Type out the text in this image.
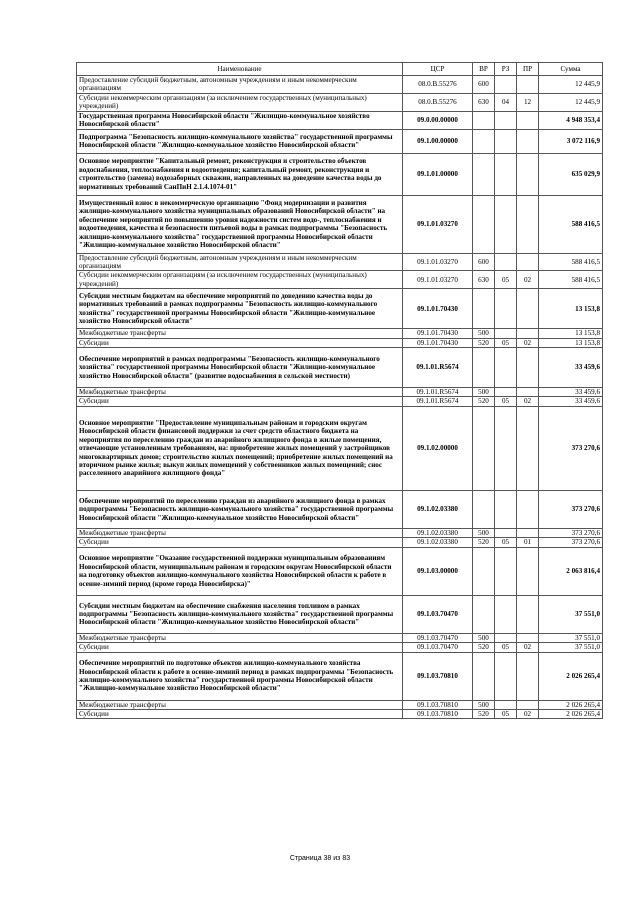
Наименование	ЦСР	ВР	РЗ	ПР	Сумма
Предоставление субсидий бюджетным, автономным учреждениям и иным некоммерческим организациям	08.0.В.55276	600			12 445,9
Субсидии некоммерческим организациям (за исключением государственных (муниципальных) учреждений)	08.0.В.55276	630	04	12	12 445,9
Государственная программа Новосибирской области "Жилищно-коммунальное хозяйство Новосибирской области"	09.0.00.00000				4 948 353,4
Подпрограмма "Безопасность жилищно-коммунального хозяйства" государственной программы Новосибирской области "Жилищно-коммунальное хозяйство Новосибирской области"	09.1.00.00000				3 072 116,9
Основное мероприятие "Капитальный ремонт, реконструкция и строительство объектов водоснабжения, теплоснабжения и водоотведения; капитальный ремонт, реконструкция и строительство (замена) водозаборных скважин, направленных на доведение качества воды до нормативных требований СанПиН 2.1.4.1074-01"	09.1.01.00000				635 029,9
Имущественный взнос в некоммерческую организацию "Фонд модернизации и развития жилищно-коммунального хозяйства муниципальных образований Новосибирской области" на обеспечение мероприятий по повышению уровня надежности систем водо-, теплоснабжения и водоотведения, качества и безопасности питьевой воды в рамках подпрограммы "Безопасность жилищно-коммунального хозяйства" государственной программы Новосибирской области "Жилищно-коммунальное хозяйство Новосибирской области"	09.1.01.03270				588 416,5
Предоставление субсидий бюджетным, автономным учреждениям и иным некоммерческим организациям	09.1.01.03270	600			588 416,5
Субсидии некоммерческим организациям (за исключением государственных (муниципальных) учреждений)	09.1.01.03270	630	05	02	588 416,5
Субсидии местным бюджетам на обеспечение мероприятий по доведению качества воды до нормативных требований в рамках подпрограммы "Безопасность жилищно-коммунального хозяйства" государственной программы Новосибирской области "Жилищно-коммунальное хозяйство Новосибирской области"	09.1.01.70430				13 153,8
Межбюджетные трансферты	09.1.01.70430	500			13 153,8
Субсидии	09.1.01.70430	520	05	02	13 153,8
Обеспечение мероприятий в рамках подпрограммы "Безопасность жилищно-коммунального хозяйства" государственной программы Новосибирской области "Жилищно-коммунальное хозяйство Новосибирской области" (развитие водоснабжения в сельской местности)	09.1.01.R5674				33 459,6
Межбюджетные трансферты	09.1.01.R5674	500			33 459,6
Субсидии	09.1.01.R5674	520	05	02	33 459,6
Основное мероприятие "Предоставление муниципальным районам и городским округам Новосибирской области финансовой поддержки за счет средств областного бюджета на мероприятия по переселению граждан из аварийного жилищного фонда в жилые помещения, отвечающие установленным требованиям, на: приобретение жилых помещений у застройщиков многоквартирных домов; строительство жилых помещений; приобретение жилых помещений на вторичном рынке жилья; выкуп жилых помещений у собственников жилых помещений; снос расселенного аварийного жилищного фонда"	09.1.02.00000				373 270,6
Обеспечение мероприятий по переселению граждан из аварийного жилищного фонда в рамках подпрограммы "Безопасность жилищно-коммунального хозяйства" государственной программы Новосибирской области "Жилищно-коммунальное хозяйство Новосибирской области"	09.1.02.03380				373 270,6
Межбюджетные трансферты	09.1.02.03380	500			373 270,6
Субсидии	09.1.02.03380	520	05	01	373 270,6
Основное мероприятие "Оказание государственной поддержки муниципальным образованиям Новосибирской области, муниципальным районам и городским округам Новосибирской области на подготовку объектов жилищно-коммунального хозяйства Новосибирской области к работе в осенне-зимний период (кроме города Новосибирска)"	09.1.03.00000				2 063 816,4
Субсидии местным бюджетам на обеспечение снабжения населения топливом в рамках подпрограммы "Безопасность жилищно-коммунального хозяйства" государственной программы Новосибирской области "Жилищно-коммунальное хозяйство Новосибирской области"	09.1.03.70470				37 551,0
Межбюджетные трансферты	09.1.03.70470	500			37 551,0
Субсидии	09.1.03.70470	520	05	02	37 551,0
Обеспечение мероприятий по подготовке объектов жилищно-коммунального хозяйства Новосибирской области к работе в осенне-зимний период в рамках подпрограммы "Безопасность жилищно-коммунального хозяйства" государственной программы Новосибирской области "Жилищно-коммунальное хозяйство Новосибирской области"	09.1.03.70810				2 026 265,4
Межбюджетные трансферты	09.1.03.70810	500			2 026 265,4
Субсидии	09.1.03.70810	520	05	02	2 026 265,4
Страница 38 из 83
